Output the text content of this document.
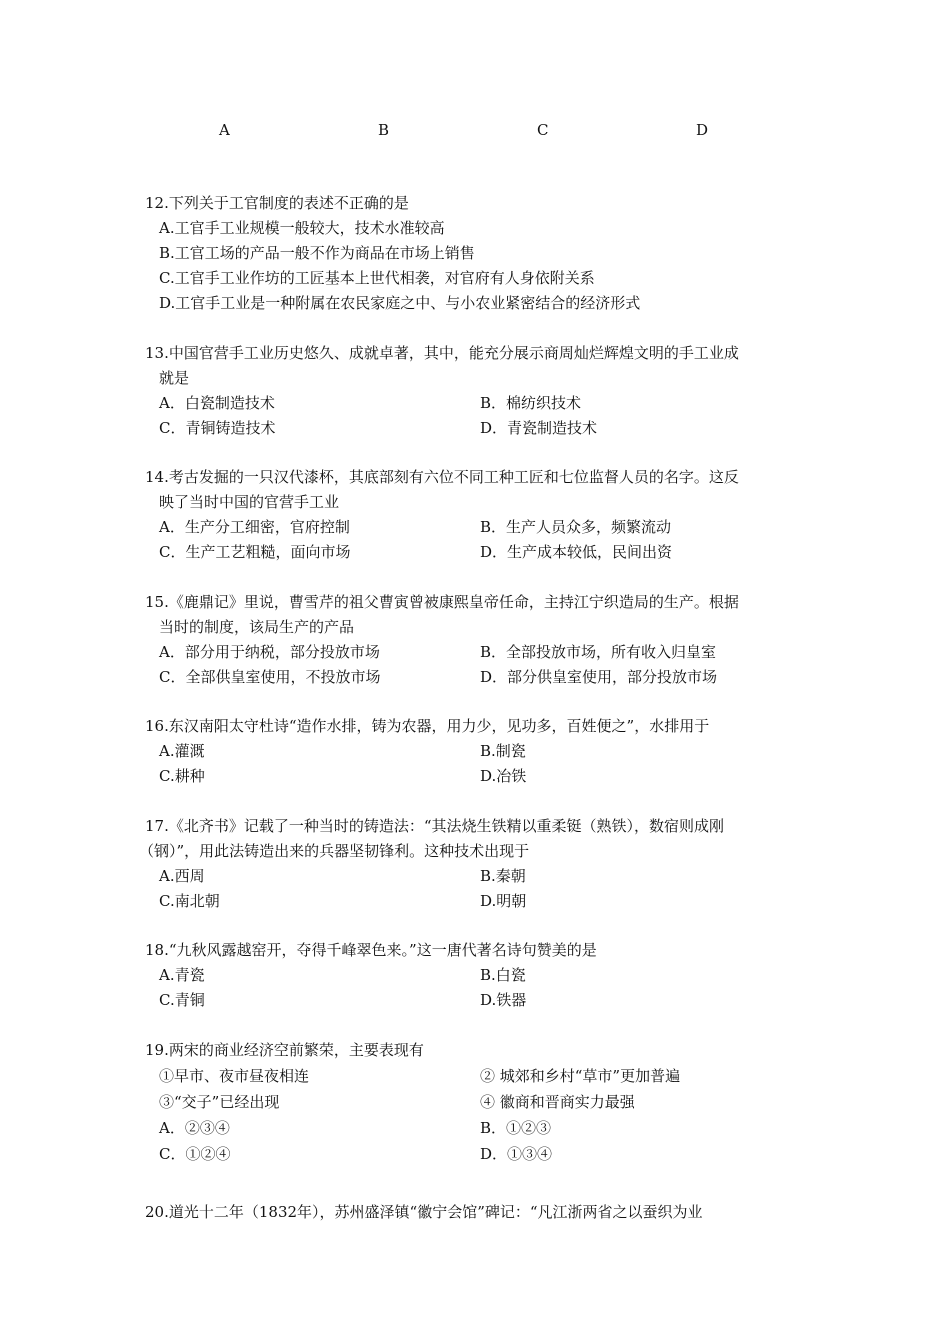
A	B	C	D

12.下列关于工官制度的表述不正确的是

A.工官手工业规模一般较大，技术水准较高

B.工官工场的产品一般不作为商品在市场上销售

C.工官手工业作坊的工匠基本上世代相袭，对官府有人身依附关系

D.工官手工业是一种附属在农民家庭之中、与小农业紧密结合的经济形式

13.中国官营手工业历史悠久、成就卓著，其中，能充分展示商周灿烂辉煌文明的手工业成

就是

A．白瓷制造技术	B．棉纺织技术
C．青铜铸造技术	D．青瓷制造技术

14.考古发掘的一只汉代漆杯，其底部刻有六位不同工种工匠和七位监督人员的名字。这反

映了当时中国的官营手工业

A．生产分工细密，官府控制	B．生产人员众多，频繁流动
C．生产工艺粗糙，面向市场	D．生产成本较低，民间出资

15.《鹿鼎记》里说，曹雪芹的祖父曹寅曾被康熙皇帝任命，主持江宁织造局的生产。根据

当时的制度，该局生产的产品

A．部分用于纳税，部分投放市场	B．全部投放市场，所有收入归皇室
C．全部供皇室使用，不投放市场	D．部分供皇室使用，部分投放市场

16.东汉南阳太守杜诗“造作水排，铸为农器，用力少，见功多，百姓便之”，水排用于

A.灌溉	B.制瓷
C.耕种	D.冶铁

17.《北齐书》记载了一种当时的铸造法：“其法烧生铁精以重柔铤（熟铁），数宿则成刚

（钢）”，用此法铸造出来的兵器坚韧锋利。这种技术出现于

A.西周	B.秦朝
C.南北朝	D.明朝

18.“九秋风露越窑开，夺得千峰翠色来。”这一唐代著名诗句赞美的是

A.青瓷	B.白瓷
C.青铜	D.铁器

19.两宋的商业经济空前繁荣，主要表现有

①早市、夜市昼夜相连	② 城郊和乡村“草市”更加普遍
③“交子”已经出现	④ 徽商和晋商实力最强
A．②③④	B．①②③
C．①②④	D．①③④

20.道光十二年（1832年），苏州盛泽镇“徽宁会馆”碑记：“凡江浙两省之以蚕织为业
